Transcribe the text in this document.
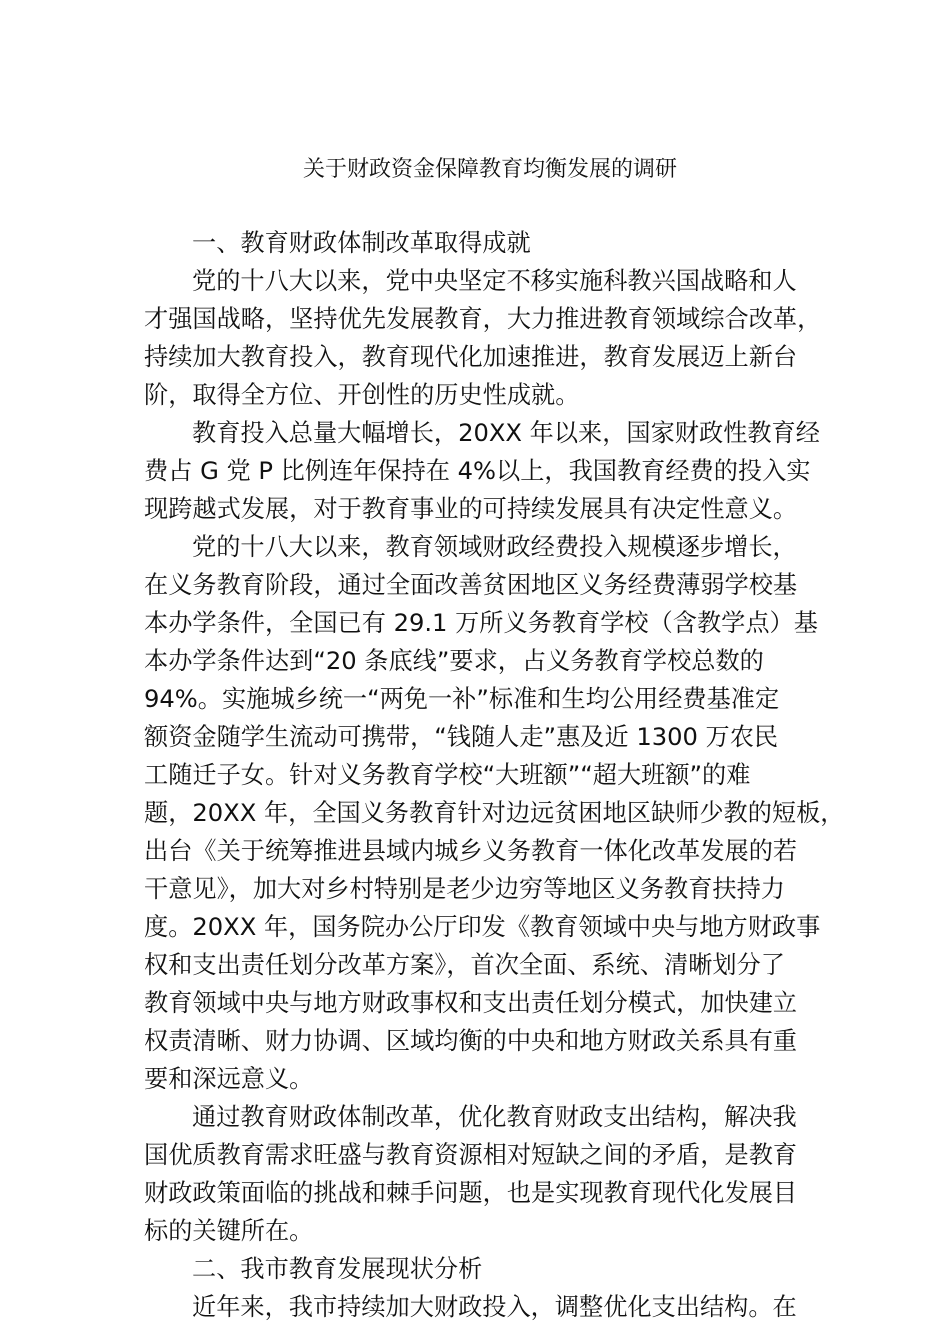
关于财政资金保障教育均衡发展的调研
一、教育财政体制改革取得成就
党的十八大以来，党中央坚定不移实施科教兴国战略和人
才强国战略，坚持优先发展教育，大力推进教育领域综合改革，
持续加大教育投入，教育现代化加速推进，教育发展迈上新台
阶，取得全方位、开创性的历史性成就。
教育投入总量大幅增长，20XX 年以来，国家财政性教育经
费占 G 党 P 比例连年保持在 4%以上，我国教育经费的投入实
现跨越式发展，对于教育事业的可持续发展具有决定性意义。
党的十八大以来，教育领域财政经费投入规模逐步增长，
在义务教育阶段，通过全面改善贫困地区义务经费薄弱学校基
本办学条件，全国已有 29.1 万所义务教育学校（含教学点）基
本办学条件达到“20 条底线”要求，占义务教育学校总数的
94%。实施城乡统一“两免一补”标准和生均公用经费基准定
额资金随学生流动可携带，“钱随人走”惠及近 1300 万农民
工随迁子女。针对义务教育学校“大班额”“超大班额”的难
题，20XX 年，全国义务教育针对边远贫困地区缺师少教的短板，
出台《关于统筹推进县域内城乡义务教育一体化改革发展的若
干意见》，加大对乡村特别是老少边穷等地区义务教育扶持力
度。20XX 年，国务院办公厅印发《教育领域中央与地方财政事
权和支出责任划分改革方案》，首次全面、系统、清晰划分了
教育领域中央与地方财政事权和支出责任划分模式，加快建立
权责清晰、财力协调、区域均衡的中央和地方财政关系具有重
要和深远意义。
通过教育财政体制改革，优化教育财政支出结构，解决我
国优质教育需求旺盛与教育资源相对短缺之间的矛盾，是教育
财政政策面临的挑战和棘手问题，也是实现教育现代化发展目
标的关键所在。
二、我市教育发展现状分析
近年来，我市持续加大财政投入，调整优化支出结构。在
